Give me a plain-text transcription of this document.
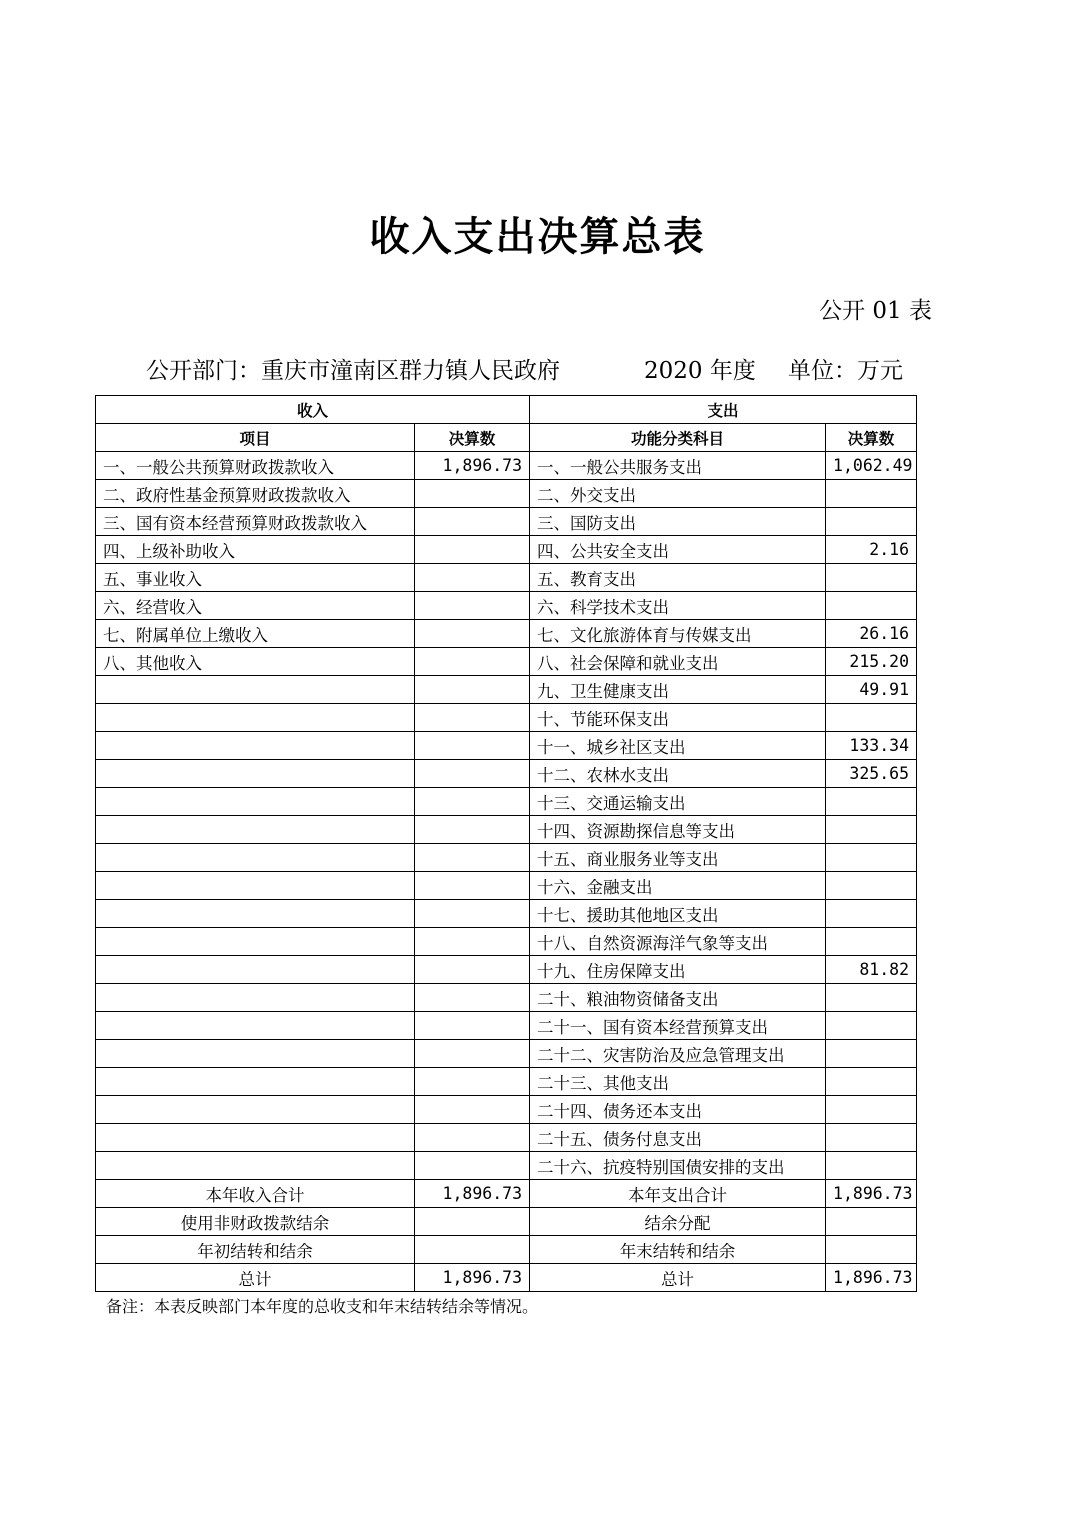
收入支出决算总表
公开 01 表
公开部门：重庆市潼南区群力镇人民政府	2020 年度 单位：万元
收入		支出	
项目	决算数	功能分类科目	决算数
一、一般公共预算财政拨款收入	1,896.73	一、一般公共服务支出	1,062.49
二、政府性基金预算财政拨款收入		二、外交支出	
三、国有资本经营预算财政拨款收入		三、国防支出	
四、上级补助收入		四、公共安全支出	2.16
五、事业收入		五、教育支出	
六、经营收入		六、科学技术支出	
七、附属单位上缴收入		七、文化旅游体育与传媒支出	26.16
八、其他收入		八、社会保障和就业支出	215.20
		九、卫生健康支出	49.91
		十、节能环保支出	
		十一、城乡社区支出	133.34
		十二、农林水支出	325.65
		十三、交通运输支出	
		十四、资源勘探信息等支出	
		十五、商业服务业等支出	
		十六、金融支出	
		十七、援助其他地区支出	
		十八、自然资源海洋气象等支出	
		十九、住房保障支出	81.82
		二十、粮油物资储备支出	
		二十一、国有资本经营预算支出	
		二十二、灾害防治及应急管理支出	
		二十三、其他支出	
		二十四、债务还本支出	
		二十五、债务付息支出	
		二十六、抗疫特别国债安排的支出	
本年收入合计	1,896.73	本年支出合计	1,896.73
使用非财政拨款结余		结余分配	
年初结转和结余		年末结转和结余	
总计	1,896.73	总计	1,896.73
备注：本表反映部门本年度的总收支和年末结转结余等情况。
